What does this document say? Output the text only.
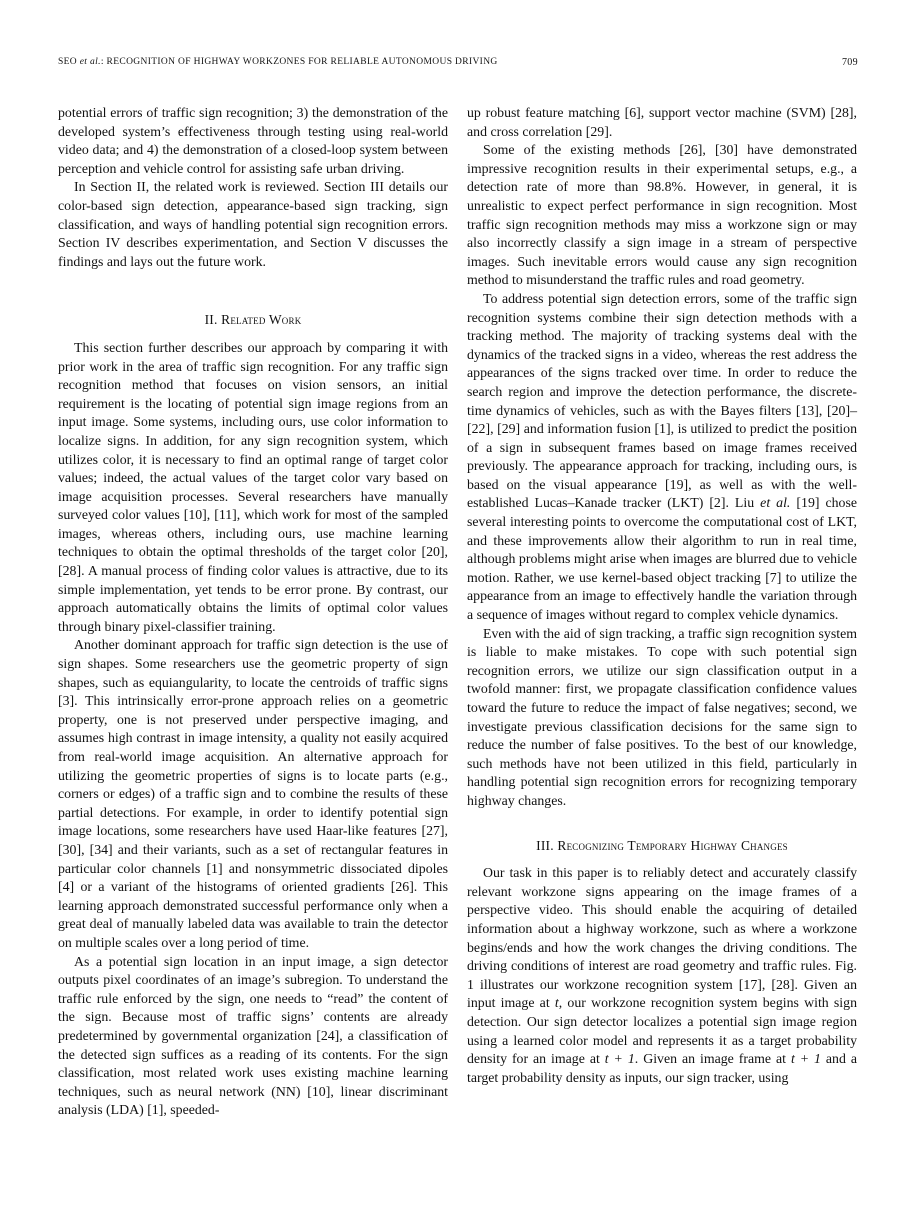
SEO et al.: RECOGNITION OF HIGHWAY WORKZONES FOR RELIABLE AUTONOMOUS DRIVING	709

potential errors of traffic sign recognition; 3) the demonstration of the developed system’s effectiveness through testing using real-world video data; and 4) the demonstration of a closed-loop system between perception and vehicle control for assisting safe urban driving.

In Section II, the related work is reviewed. Section III details our color-based sign detection, appearance-based sign tracking, sign classification, and ways of handling potential sign recognition errors. Section IV describes experimentation, and Section V discusses the findings and lays out the future work.

II. Related Work

This section further describes our approach by comparing it with prior work in the area of traffic sign recognition. For any traffic sign recognition method that focuses on vision sensors, an initial requirement is the locating of potential sign image regions from an input image. Some systems, including ours, use color information to localize signs. In addition, for any sign recognition system, which utilizes color, it is necessary to find an optimal range of target color values; indeed, the actual values of the target color vary based on image acquisition processes. Several researchers have manually surveyed color values [10], [11], which work for most of the sampled images, whereas others, including ours, use machine learning techniques to obtain the optimal thresholds of the target color [20], [28]. A manual process of finding color values is attractive, due to its simple implementation, yet tends to be error prone. By contrast, our approach automatically obtains the limits of optimal color values through binary pixel-classifier training.

Another dominant approach for traffic sign detection is the use of sign shapes. Some researchers use the geometric property of sign shapes, such as equiangularity, to locate the centroids of traffic signs [3]. This intrinsically error-prone approach relies on a geometric property, one is not preserved under perspective imaging, and assumes high contrast in image intensity, a quality not easily acquired from real-world image acquisition. An alternative approach for utilizing the geometric properties of signs is to locate parts (e.g., corners or edges) of a traffic sign and to combine the results of these partial detections. For example, in order to identify potential sign image locations, some researchers have used Haar-like features [27], [30], [34] and their variants, such as a set of rectangular features in particular color channels [1] and nonsymmetric dissociated dipoles [4] or a variant of the histograms of oriented gradients [26]. This learning approach demonstrated successful performance only when a great deal of manually labeled data was available to train the detector on multiple scales over a long period of time.

As a potential sign location in an input image, a sign detector outputs pixel coordinates of an image’s subregion. To understand the traffic rule enforced by the sign, one needs to “read” the content of the sign. Because most of traffic signs’ contents are already predetermined by governmental organization [24], a classification of the detected sign suffices as a reading of its contents. For the sign classification, most related work uses existing machine learning techniques, such as neural network (NN) [10], linear discriminant analysis (LDA) [1], speeded-

up robust feature matching [6], support vector machine (SVM) [28], and cross correlation [29].

Some of the existing methods [26], [30] have demonstrated impressive recognition results in their experimental setups, e.g., a detection rate of more than 98.8%. However, in general, it is unrealistic to expect perfect performance in sign recognition. Most traffic sign recognition methods may miss a workzone sign or may also incorrectly classify a sign image in a stream of perspective images. Such inevitable errors would cause any sign recognition method to misunderstand the traffic rules and road geometry.

To address potential sign detection errors, some of the traffic sign recognition systems combine their sign detection methods with a tracking method. The majority of tracking systems deal with the dynamics of the tracked signs in a video, whereas the rest address the appearances of the signs tracked over time. In order to reduce the search region and improve the detection performance, the discrete-time dynamics of vehicles, such as with the Bayes filters [13], [20]–[22], [29] and information fusion [1], is utilized to predict the position of a sign in subsequent frames based on image frames received previously. The appearance approach for tracking, including ours, is based on the visual appearance [19], as well as with the well-established Lucas–Kanade tracker (LKT) [2]. Liu et al. [19] chose several interesting points to overcome the computational cost of LKT, and these improvements allow their algorithm to run in real time, although problems might arise when images are blurred due to vehicle motion. Rather, we use kernel-based object tracking [7] to utilize the appearance from an image to effectively handle the variation through a sequence of images without regard to complex vehicle dynamics.

Even with the aid of sign tracking, a traffic sign recognition system is liable to make mistakes. To cope with such potential sign recognition errors, we utilize our sign classification output in a twofold manner: first, we propagate classification confidence values toward the future to reduce the impact of false negatives; second, we investigate previous classification decisions for the same sign to reduce the number of false positives. To the best of our knowledge, such methods have not been utilized in this field, particularly in handling potential sign recognition errors for recognizing temporary highway changes.

III. Recognizing Temporary Highway Changes

Our task in this paper is to reliably detect and accurately classify relevant workzone signs appearing on the image frames of a perspective video. This should enable the acquiring of detailed information about a highway workzone, such as where a workzone begins/ends and how the work changes the driving conditions. The driving conditions of interest are road geometry and traffic rules. Fig. 1 illustrates our workzone recognition system [17], [28]. Given an input image at t, our workzone recognition system begins with sign detection. Our sign detector localizes a potential sign image region using a learned color model and represents it as a target probability density for an image at t + 1. Given an image frame at t + 1 and a target probability density as inputs, our sign tracker, using
